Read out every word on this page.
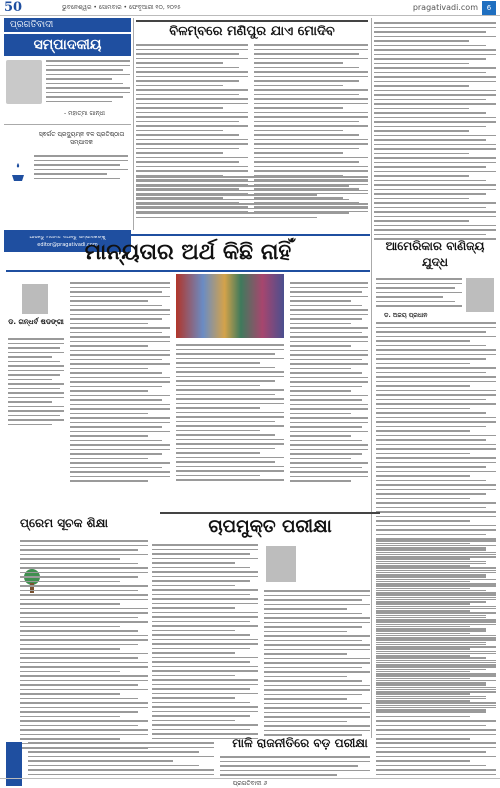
50	ଭୁବନେଶ୍ୱର • ସୋମବାର • ଫେବୃଆରୀ ୧୦, ୨୦୨୫	pragativadi.com	6
ପ୍ରଗତିବାଦୀ
ସମ୍ପାଦକୀୟ
- ମହାତ୍ମା ଗାନ୍ଧୀ
ସ୍ଵର୍ଗତ ପ୍ରଦ୍ୟୁମ୍ନ ବଳ ପ୍ରତିଷ୍ଠାତା ସମ୍ପାଦକ
ଆସନ୍ତୁ ମତାମତ ଦିଅନ୍ତୁ ସମ୍ପାଦକଙ୍କୁ editor@pragativadi.com
ବିଳମ୍ବରେ ମଣିପୁର ଯାଏ ମୋଦିବ
ମାନ୍ୟତାର ଅର୍ଥ କିଛି ନାହିଁ	ଆମେରିକାର ବାଣିଜ୍ୟ ଯୁଦ୍ଧ
ଡ. ଗନ୍ଧର୍ବ ଷଡଙ୍ଗୀ
ଡ. ଅଜୟ ପ୍ରଧାନ
ପ୍ରେମ ସୂଚକ ଶିକ୍ଷା	ଚାପମୁକ୍ତ ପରୀକ୍ଷା
ମାଳି ରାଜନୀତିରେ ବଡ଼ ପରୀକ୍ଷା
ପ୍ରଗତିବାଦୀ ୬
